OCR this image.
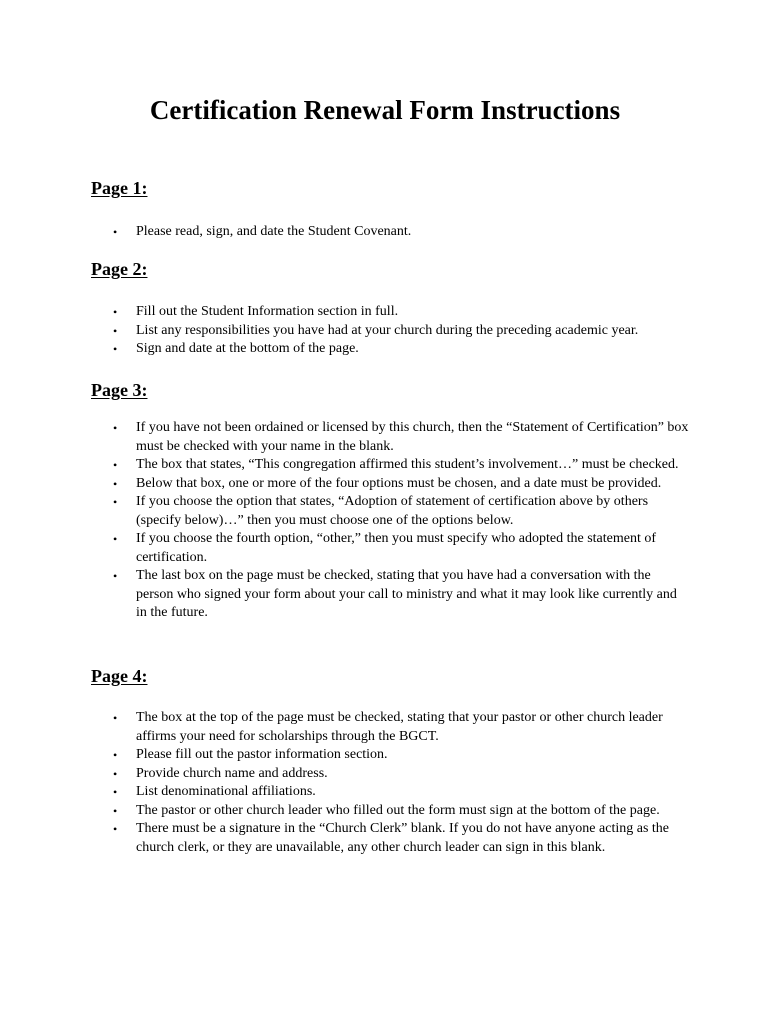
Certification Renewal Form Instructions
Page 1:
• Please read, sign, and date the Student Covenant.
Page 2:
• Fill out the Student Information section in full.
• List any responsibilities you have had at your church during the preceding academic year.
• Sign and date at the bottom of the page.
Page 3:
• If you have not been ordained or licensed by this church, then the “Statement of Certification” box must be checked with your name in the blank.
• The box that states, “This congregation affirmed this student’s involvement…” must be checked.
• Below that box, one or more of the four options must be chosen, and a date must be provided.
• If you choose the option that states, “Adoption of statement of certification above by others (specify below)…” then you must choose one of the options below.
• If you choose the fourth option, “other,” then you must specify who adopted the statement of certification.
• The last box on the page must be checked, stating that you have had a conversation with the person who signed your form about your call to ministry and what it may look like currently and in the future.
Page 4:
• The box at the top of the page must be checked, stating that your pastor or other church leader affirms your need for scholarships through the BGCT.
• Please fill out the pastor information section.
• Provide church name and address.
• List denominational affiliations.
• The pastor or other church leader who filled out the form must sign at the bottom of the page.
• There must be a signature in the “Church Clerk” blank. If you do not have anyone acting as the church clerk, or they are unavailable, any other church leader can sign in this blank.
